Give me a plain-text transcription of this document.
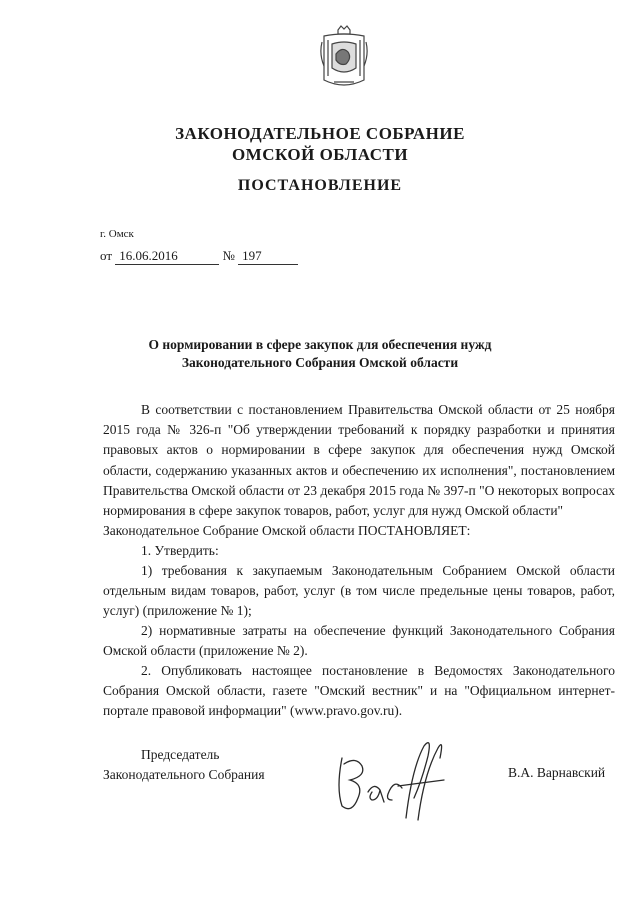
ЗАКОНОДАТЕЛЬНОЕ СОБРАНИЕ
ОМСКОЙ ОБЛАСТИ
ПОСТАНОВЛЕНИЕ
г. Омск
от 16.06.2016	№ 197
О нормировании в сфере закупок для обеспечения нужд
Законодательного Собрания Омской области
В соответствии с постановлением Правительства Омской области от 25 ноября 2015 года № 326-п "Об утверждении требований к порядку разработки и принятия правовых актов о нормировании в сфере закупок для обеспечения нужд Омской области, содержанию указанных актов и обеспечению их исполнения", постановлением Правительства Омской области от 23 декабря 2015 года № 397-п "О некоторых вопросах нормирования в сфере закупок товаров, работ, услуг для нужд Омской области"
Законодательное Собрание Омской области ПОСТАНОВЛЯЕТ:
1. Утвердить:
1) требования к закупаемым Законодательным Собранием Омской области отдельным видам товаров, работ, услуг (в том числе предельные цены товаров, работ, услуг) (приложение № 1);
2) нормативные затраты на обеспечение функций Законодательного Собрания Омской области (приложение № 2).
2. Опубликовать настоящее постановление в Ведомостях Законодательного Собрания Омской области, газете "Омский вестник" и на "Официальном интернет-портале правовой информации" (www.pravo.gov.ru).
Председатель
Законодательного Собрания	В.А. Варнавский
